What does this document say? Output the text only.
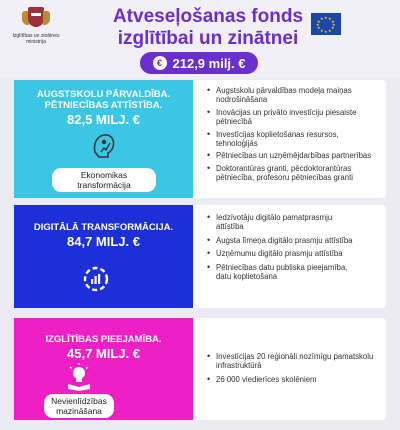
Izglītības un zinātnes ministrija
Atveseļošanas fonds
izglītībai un zinātnei
★ ★
★
★
★
★
★
★
★
★
★
★
€ 212,9 milj. €
AUGSTSKOLU PĀRVALDĪBA. PĒTNIECĪBAS ATTĪSTĪBA.
82,5 MILJ. €
Ekonomikas transformācija
• Augstskolu pārvaldības modeļa maiņas nodrošināšana
• Inovācijas un privāto investīciju piesaiste pētniecībā
• Investīcijas koplietošanas resursos, tehnoloģijās
• Pētniecības un uzņēmējdarbības partnerības
• Doktorantūras granti, pēcdoktorantūras pētniecība, profesoru pētniecības granti
DIGITĀLĀ TRANSFORMĀCIJA.
84,7 MILJ. €
• Iedzīvotāju digitālo pamatprasmju attīstība
• Augsta līmeņa digitālo prasmju attīstība
• Uzņēmumu digitālo prasmju attīstība
• Pētniecības datu publiska pieejamība, datu koplietošana
IZGLĪTĪBAS PIEEJAMĪBA.
45,7 MILJ. €
Nevienlīdzības mazināšana
• Investīcijas 20 reģionāli nozīmīgu pamatskolu infrastruktūrā
• 26 000 viedierīces skolēniem
